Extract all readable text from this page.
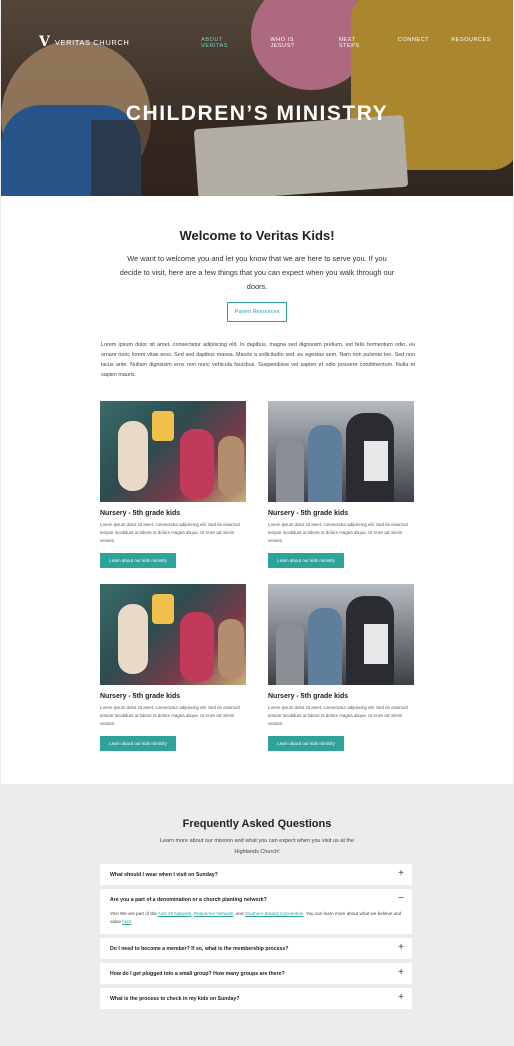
V VERITAS CHURCH	ABOUT VERITAS
WHO IS JESUS?
NEXT STEPS
CONNECT	RESOURCES
CHILDREN’S MINISTRY
Welcome to Veritas Kids!
We want to welcome you and let you know that we are here to serve you. If you decide to visit, here are a few things that you can expect when you walk through our doors.
Parent Resources
Lorem ipsum dolor sit amet, consectetur adipiscing elit. In dapibus, magna sed dignissim pretium, est felis fermentum odio, eu ornare nunc lorem vitae eros. Sed sed dapibus massa. Mauris a sollicitudin sed, eu egestas sem. Nam non pulvinar leo. Sed non lacus ante. Nullam dignissim eros non nunc vehicula faucibus. Suspendisse vel sapien et odio posuere condimentum. Nulla et sapien mauris.
Nursery - 5th grade kids
Lorem ipsum dolor sit amet, consectetur adipiscing elit. Sed do eiusmod tempor incididunt ut labore et dolore magna aliqua. Ut enim ad minim veniam.
Learn about our kids ministry
Nursery - 5th grade kids
Lorem ipsum dolor sit amet, consectetur adipiscing elit. Sed do eiusmod tempor incididunt ut labore et dolore magna aliqua. Ut enim ad minim veniam.
Learn about our kids ministry
Nursery - 5th grade kids
Lorem ipsum dolor sit amet, consectetur adipiscing elit. Sed do eiusmod tempor incididunt ut labore et dolore magna aliqua. Ut enim ad minim veniam.
Learn about our kids ministry
Nursery - 5th grade kids
Lorem ipsum dolor sit amet, consectetur adipiscing elit. Sed do eiusmod tempor incididunt ut labore et dolore magna aliqua. Ut enim ad minim veniam.
Learn about our kids ministry
Frequently Asked Questions
Learn more about our mission and what you can expect when you visit us at the Highlands Church!
What should I wear when I visit on Sunday?	+
Are you a part of a denomination or a church planting network?	−
Yes! We are part of the Acts 29 Network, Redeemer Network, and Southern Baptist Convention. You can learn more about what we believe and value here.
Do I need to become a member? If so, what is the membership process?	+
How do I get plugged into a small group? How many groups are there?	+
What is the process to check in my kids on Sunday?	+
